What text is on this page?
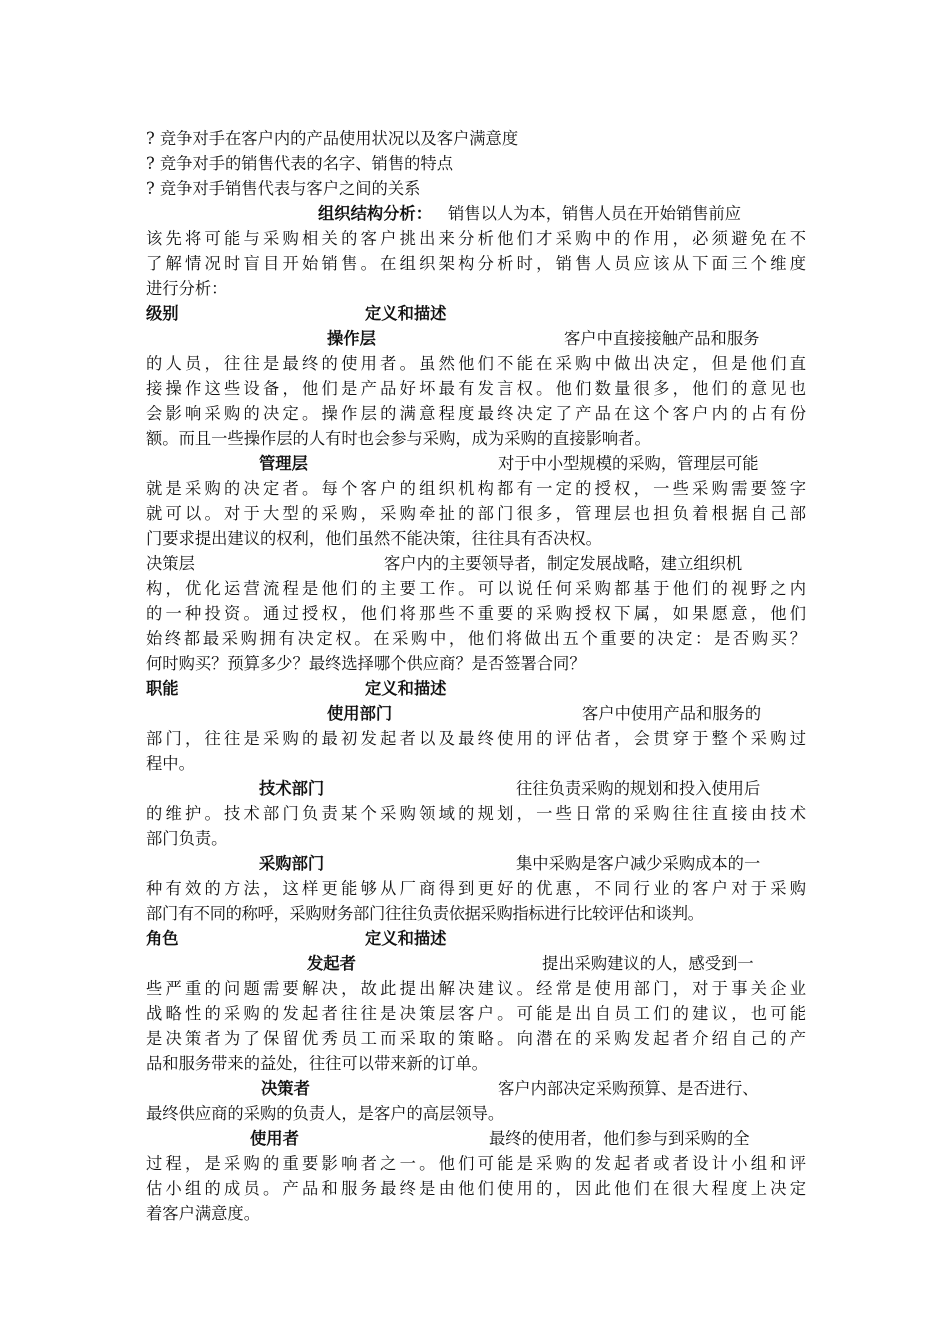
? 竞争对手在客户内的产品使用状况以及客户满意度
? 竞争对手的销售代表的名字、销售的特点
? 竞争对手销售代表与客户之间的关系
组织结构分析： 销售以人为本，销售人员在开始销售前应
该先将可能与采购相关的客户挑出来分析他们才采购中的作用，必须避免在不
了解情况时盲目开始销售。在组织架构分析时，销售人员应该从下面三个维度
进行分析：
级别	定义和描述
操作层	客户中直接接触产品和服务
的人员，往往是最终的使用者。虽然他们不能在采购中做出决定，但是他们直
接操作这些设备，他们是产品好坏最有发言权。他们数量很多，他们的意见也
会影响采购的决定。操作层的满意程度最终决定了产品在这个客户内的占有份
额。而且一些操作层的人有时也会参与采购，成为采购的直接影响者。
管理层	对于中小型规模的采购，管理层可能
就是采购的决定者。每个客户的组织机构都有一定的授权，一些采购需要签字
就可以。对于大型的采购，采购牵扯的部门很多，管理层也担负着根据自己部
门要求提出建议的权利，他们虽然不能决策，往往具有否决权。
决策层	客户内的主要领导者，制定发展战略，建立组织机
构，优化运营流程是他们的主要工作。可以说任何采购都基于他们的视野之内
的一种投资。通过授权，他们将那些不重要的采购授权下属，如果愿意，他们
始终都最采购拥有决定权。在采购中，他们将做出五个重要的决定：是否购买？
何时购买？预算多少？最终选择哪个供应商？是否签署合同？
职能	定义和描述
使用部门	客户中使用产品和服务的
部门，往往是采购的最初发起者以及最终使用的评估者，会贯穿于整个采购过
程中。
技术部门	往往负责采购的规划和投入使用后
的维护。技术部门负责某个采购领域的规划，一些日常的采购往往直接由技术
部门负责。
采购部门	集中采购是客户减少采购成本的一
种有效的方法，这样更能够从厂商得到更好的优惠，不同行业的客户对于采购
部门有不同的称呼，采购财务部门往往负责依据采购指标进行比较评估和谈判。
角色	定义和描述
发起者	提出采购建议的人，感受到一
些严重的问题需要解决，故此提出解决建议。经常是使用部门，对于事关企业
战略性的采购的发起者往往是决策层客户。可能是出自员工们的建议，也可能
是决策者为了保留优秀员工而采取的策略。向潜在的采购发起者介绍自己的产
品和服务带来的益处，往往可以带来新的订单。
决策者	客户内部决定采购预算、是否进行、
最终供应商的采购的负责人，是客户的高层领导。
使用者	最终的使用者，他们参与到采购的全
过程，是采购的重要影响者之一。他们可能是采购的发起者或者设计小组和评
估小组的成员。产品和服务最终是由他们使用的，因此他们在很大程度上决定
着客户满意度。
